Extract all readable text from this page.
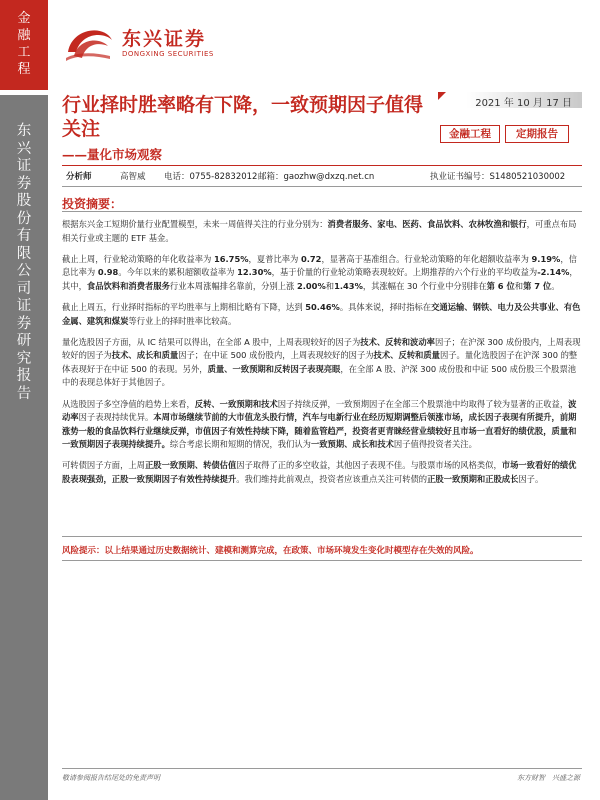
金融工程
东兴证券股份有限公司证券研究报告
东兴证券
DONGXING SECURITIES
行业择时胜率略有下降，一致预期因子值得关注
——量化市场观察
2021 年 10 月 17 日
金融工程	定期报告
分析师	高智威 电话：0755-82832012 邮箱：gaozhw@dxzq.net.cn	执业证书编号：S1480521030002
投资摘要：

根据东兴金工短期价量行业配置模型，未来一周值得关注的行业分别为：消费者服务、家电、医药、食品饮料、农林牧渔和银行，可重点布局相关行业或主题的 ETF 基金。

截止上周，行业轮动策略的年化收益率为 16.75%，夏普比率为 0.72，显著高于基准组合。行业轮动策略的年化超额收益率为 9.19%，信息比率为 0.98。今年以来的累积超额收益率为 12.30%，基于价量的行业轮动策略表现较好。上期推荐的六个行业的平均收益为-2.14%，其中，食品饮料和消费者服务行业本周涨幅排名靠前，分别上涨 2.00%和1.43%，其涨幅在 30 个行业中分别排在第 6 位和第 7 位。

截止上周五，行业择时指标的平均胜率与上期相比略有下降，达到 50.46%。具体来说，择时指标在交通运输、钢铁、电力及公共事业、有色金属、建筑和煤炭等行业上的择时胜率比较高。

量化选股因子方面，从 IC 结果可以得出，在全部 A 股中，上周表现较好的因子为技术、反转和波动率因子；在沪深 300 成份股内，上周表现较好的因子为技术、成长和质量因子；在中证 500 成份股内，上周表现较好的因子为技术、反转和质量因子。量化选股因子在沪深 300 的整体表现好于在中证 500 的表现。另外，质量、一致预期和反转因子表现亮眼，在全部 A 股、沪深 300 成份股和中证 500 成份股三个股票池中的表现总体好于其他因子。

从选股因子多空净值的趋势上来看，反转、一致预期和技术因子持续反弹，一致预期因子在全部三个股票池中均取得了较为显著的正收益，波动率因子表现持续优异。本周市场继续节前的大市值龙头股行情，汽车与电新行业在经历短期调整后领涨市场，成长因子表现有所提升，前期涨势一般的食品饮料行业继续反弹，市值因子有效性持续下降，随着监管趋严，投资者更青睐经营业绩较好且市场一直看好的绩优股，质量和一致预期因子表现持续提升。综合考虑长期和短期的情况，我们认为一致预期、成长和技术因子值得投资者关注。

可转债因子方面，上周正股一致预期、转债估值因子取得了正的多空收益，其他因子表现不佳。与股票市场的风格类似，市场一致看好的绩优股表现强劲，正股一致预期因子有效性持续提升。我们维持此前观点，投资者应该重点关注可转债的正股一致预期和正股成长因子。

风险提示：以上结果通过历史数据统计、建模和测算完成，在政策、市场环境发生变化时模型存在失效的风险。
敬请参阅报告结尾处的免责声明	东方财智　兴盛之源
